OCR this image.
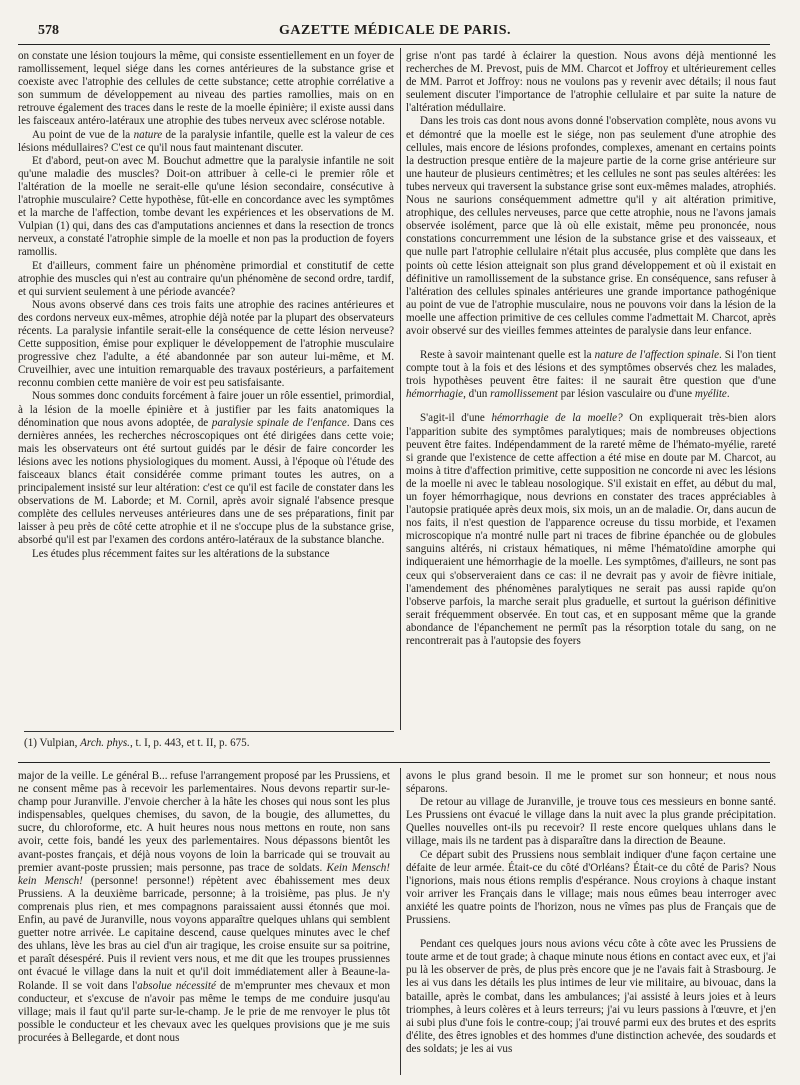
578	GAZETTE MÉDICALE DE PARIS.

on constate une lésion toujours la même, qui consiste essentiellement en un foyer de ramollissement, lequel siége dans les cornes antérieures de la substance grise et coexiste avec l'atrophie des cellules de cette substance; cette atrophie corrélative a son summum de développement au niveau des parties ramollies, mais on en retrouve également des traces dans le reste de la moelle épinière; il existe aussi dans les faisceaux antéro-latéraux une atrophie des tubes nerveux avec sclérose notable.

Au point de vue de la nature de la paralysie infantile, quelle est la valeur de ces lésions médullaires? C'est ce qu'il nous faut maintenant discuter.

Et d'abord, peut-on avec M. Bouchut admettre que la paralysie infantile ne soit qu'une maladie des muscles? Doit-on attribuer à celle-ci le premier rôle et l'altération de la moelle ne serait-elle qu'une lésion secondaire, consécutive à l'atrophie musculaire? Cette hypothèse, fût-elle en concordance avec les symptômes et la marche de l'affection, tombe devant les expériences et les observations de M. Vulpian (1) qui, dans des cas d'amputations anciennes et dans la resection de troncs nerveux, a constaté l'atrophie simple de la moelle et non pas la production de foyers ramollis.

Et d'ailleurs, comment faire un phénomène primordial et constitutif de cette atrophie des muscles qui n'est au contraire qu'un phénomène de second ordre, tardif, et qui survient seulement à une période avancée?

Nous avons observé dans ces trois faits une atrophie des racines antérieures et des cordons nerveux eux-mêmes, atrophie déjà notée par la plupart des observateurs récents. La paralysie infantile serait-elle la conséquence de cette lésion nerveuse? Cette supposition, émise pour expliquer le développement de l'atrophie musculaire progressive chez l'adulte, a été abandonnée par son auteur lui-même, et M. Cruveilhier, avec une intuition remarquable des travaux postérieurs, a parfaitement reconnu combien cette manière de voir est peu satisfaisante.

Nous sommes donc conduits forcément à faire jouer un rôle essentiel, primordial, à la lésion de la moelle épinière et à justifier par les faits anatomiques la dénomination que nous avons adoptée, de paralysie spinale de l'enfance. Dans ces dernières années, les recherches nécroscopiques ont été dirigées dans cette voie; mais les observateurs ont été surtout guidés par le désir de faire concorder les lésions avec les notions physiologiques du moment. Aussi, à l'époque où l'étude des faisceaux blancs était considérée comme primant toutes les autres, on a principalement insisté sur leur altération: c'est ce qu'il est facile de constater dans les observations de M. Laborde; et M. Cornil, après avoir signalé l'absence presque complète des cellules nerveuses antérieures dans une de ses préparations, finit par laisser à peu près de côté cette atrophie et il ne s'occupe plus de la substance grise, absorbé qu'il est par l'examen des cordons antéro-latéraux de la substance blanche.

Les études plus récemment faites sur les altérations de la substance

grise n'ont pas tardé à éclairer la question. Nous avons déjà mentionné les recherches de M. Prevost, puis de MM. Charcot et Joffroy et ultérieurement celles de MM. Parrot et Joffroy: nous ne voulons pas y revenir avec détails; il nous faut seulement discuter l'importance de l'atrophie cellulaire et par suite la nature de l'altération médullaire.

Dans les trois cas dont nous avons donné l'observation complète, nous avons vu et démontré que la moelle est le siége, non pas seulement d'une atrophie des cellules, mais encore de lésions profondes, complexes, amenant en certains points la destruction presque entière de la majeure partie de la corne grise antérieure sur une hauteur de plusieurs centimètres; et les cellules ne sont pas seules altérées: les tubes nerveux qui traversent la substance grise sont eux-mêmes malades, atrophiés. Nous ne saurions conséquemment admettre qu'il y ait altération primitive, atrophique, des cellules nerveuses, parce que cette atrophie, nous ne l'avons jamais observée isolément, parce que là où elle existait, même peu prononcée, nous constations concurremment une lésion de la substance grise et des vaisseaux, et que nulle part l'atrophie cellulaire n'était plus accusée, plus complète que dans les points où cette lésion atteignait son plus grand développement et où il existait en définitive un ramollissement de la substance grise. En conséquence, sans refuser à l'altération des cellules spinales antérieures une grande importance pathogénique au point de vue de l'atrophie musculaire, nous ne pouvons voir dans la lésion de la moelle une affection primitive de ces cellules comme l'admettait M. Charcot, après avoir observé sur des vieilles femmes atteintes de paralysie dans leur enfance.

Reste à savoir maintenant quelle est la nature de l'affection spinale. Si l'on tient compte tout à la fois et des lésions et des symptômes observés chez les malades, trois hypothèses peuvent être faites: il ne saurait être question que d'une hémorrhagie, d'un ramollissement par lésion vasculaire ou d'une myélite.

S'agit-il d'une hémorrhagie de la moelle? On expliquerait très-bien alors l'apparition subite des symptômes paralytiques; mais de nombreuses objections peuvent être faites. Indépendamment de la rareté même de l'hémato-myélie, rareté si grande que l'existence de cette affection a été mise en doute par M. Charcot, au moins à titre d'affection primitive, cette supposition ne concorde ni avec les lésions de la moelle ni avec le tableau nosologique. S'il existait en effet, au début du mal, un foyer hémorrhagique, nous devrions en constater des traces appréciables à l'autopsie pratiquée après deux mois, six mois, un an de maladie. Or, dans aucun de nos faits, il n'est question de l'apparence ocreuse du tissu morbide, et l'examen microscopique n'a montré nulle part ni traces de fibrine épanchée ou de globules sanguins altérés, ni cristaux hématiques, ni même l'hématoïdine amorphe qui indiqueraient une hémorrhagie de la moelle. Les symptômes, d'ailleurs, ne sont pas ceux qui s'observeraient dans ce cas: il ne devrait pas y avoir de fièvre initiale, l'amendement des phénomènes paralytiques ne serait pas aussi rapide qu'on l'observe parfois, la marche serait plus graduelle, et surtout la guérison définitive serait fréquemment observée. En tout cas, et en supposant même que la grande abondance de l'épanchement ne permît pas la résorption totale du sang, on ne rencontrerait pas à l'autopsie des foyers

(1) Vulpian, Arch. phys., t. I, p. 443, et t. II, p. 675.

major de la veille. Le général B... refuse l'arrangement proposé par les Prussiens, et ne consent même pas à recevoir les parlementaires. Nous devons repartir sur-le-champ pour Juranville. J'envoie chercher à la hâte les choses qui nous sont les plus indispensables, quelques chemises, du savon, de la bougie, des allumettes, du sucre, du chloroforme, etc. A huit heures nous nous mettons en route, non sans avoir, cette fois, bandé les yeux des parlementaires. Nous dépassons bientôt les avant-postes français, et déjà nous voyons de loin la barricade qui se trouvait au premier avant-poste prussien; mais personne, pas trace de soldats. Kein Mensch! kein Mensch! (personne! personne!) répètent avec ébahissement mes deux Prussiens. A la deuxième barricade, personne; à la troisième, pas plus. Je n'y comprenais plus rien, et mes compagnons paraissaient aussi étonnés que moi. Enfin, au pavé de Juranville, nous voyons apparaître quelques uhlans qui semblent guetter notre arrivée. Le capitaine descend, cause quelques minutes avec le chef des uhlans, lève les bras au ciel d'un air tragique, les croise ensuite sur sa poitrine, et paraît désespéré. Puis il revient vers nous, et me dit que les troupes prussiennes ont évacué le village dans la nuit et qu'il doit immédiatement aller à Beaune-la-Rolande. Il se voit dans l'absolue nécessité de m'emprunter mes chevaux et mon conducteur, et s'excuse de n'avoir pas même le temps de me conduire jusqu'au village; mais il faut qu'il parte sur-le-champ. Je le prie de me renvoyer le plus tôt possible le conducteur et les chevaux avec les quelques provisions que je me suis procurées à Bellegarde, et dont nous

avons le plus grand besoin. Il me le promet sur son honneur; et nous nous séparons.

De retour au village de Juranville, je trouve tous ces messieurs en bonne santé. Les Prussiens ont évacué le village dans la nuit avec la plus grande précipitation. Quelles nouvelles ont-ils pu recevoir? Il reste encore quelques uhlans dans le village, mais ils ne tardent pas à disparaître dans la direction de Beaune.

Ce départ subit des Prussiens nous semblait indiquer d'une façon certaine une défaite de leur armée. Était-ce du côté d'Orléans? Était-ce du côté de Paris? Nous l'ignorions, mais nous étions remplis d'espérance. Nous croyions à chaque instant voir arriver les Français dans le village; mais nous eûmes beau interroger avec anxiété les quatre points de l'horizon, nous ne vîmes pas plus de Français que de Prussiens.

Pendant ces quelques jours nous avions vécu côte à côte avec les Prussiens de toute arme et de tout grade; à chaque minute nous étions en contact avec eux, et j'ai pu là les observer de près, de plus près encore que je ne l'avais fait à Strasbourg. Je les ai vus dans les détails les plus intimes de leur vie militaire, au bivouac, dans la bataille, après le combat, dans les ambulances; j'ai assisté à leurs joies et à leurs triomphes, à leurs colères et à leurs terreurs; j'ai vu leurs passions à l'œuvre, et j'en ai subi plus d'une fois le contre-coup; j'ai trouvé parmi eux des brutes et des esprits d'élite, des êtres ignobles et des hommes d'une distinction achevée, des soudards et des soldats; je les ai vus
